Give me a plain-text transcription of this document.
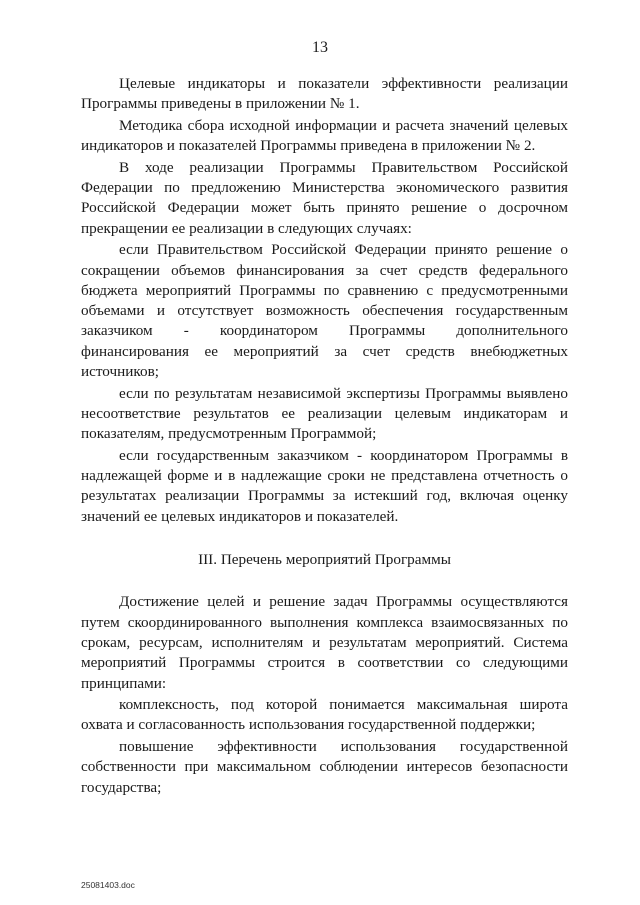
13

Целевые индикаторы и показатели эффективности реализации Программы приведены в приложении № 1.

Методика сбора исходной информации и расчета значений целевых индикаторов и показателей Программы приведена в приложении № 2.

В ходе реализации Программы Правительством Российской Федерации по предложению Министерства экономического развития Российской Федерации может быть принято решение о досрочном прекращении ее реализации в следующих случаях:

если Правительством Российской Федерации принято решение о сокращении объемов финансирования за счет средств федерального бюджета мероприятий Программы по сравнению с предусмотренными объемами и отсутствует возможность обеспечения государственным заказчиком - координатором Программы дополнительного финансирования ее мероприятий за счет средств внебюджетных источников;

если по результатам независимой экспертизы Программы выявлено несоответствие результатов ее реализации целевым индикаторам и показателям, предусмотренным Программой;

если государственным заказчиком - координатором Программы в надлежащей форме и в надлежащие сроки не представлена отчетность о результатах реализации Программы за истекший год, включая оценку значений ее целевых индикаторов и показателей.

III. Перечень мероприятий Программы

Достижение целей и решение задач Программы осуществляются путем скоординированного выполнения комплекса взаимосвязанных по срокам, ресурсам, исполнителям и результатам мероприятий. Система мероприятий Программы строится в соответствии со следующими принципами:

комплексность, под которой понимается максимальная широта охвата и согласованность использования государственной поддержки;

повышение эффективности использования государственной собственности при максимальном соблюдении интересов безопасности государства;

25081403.doc
